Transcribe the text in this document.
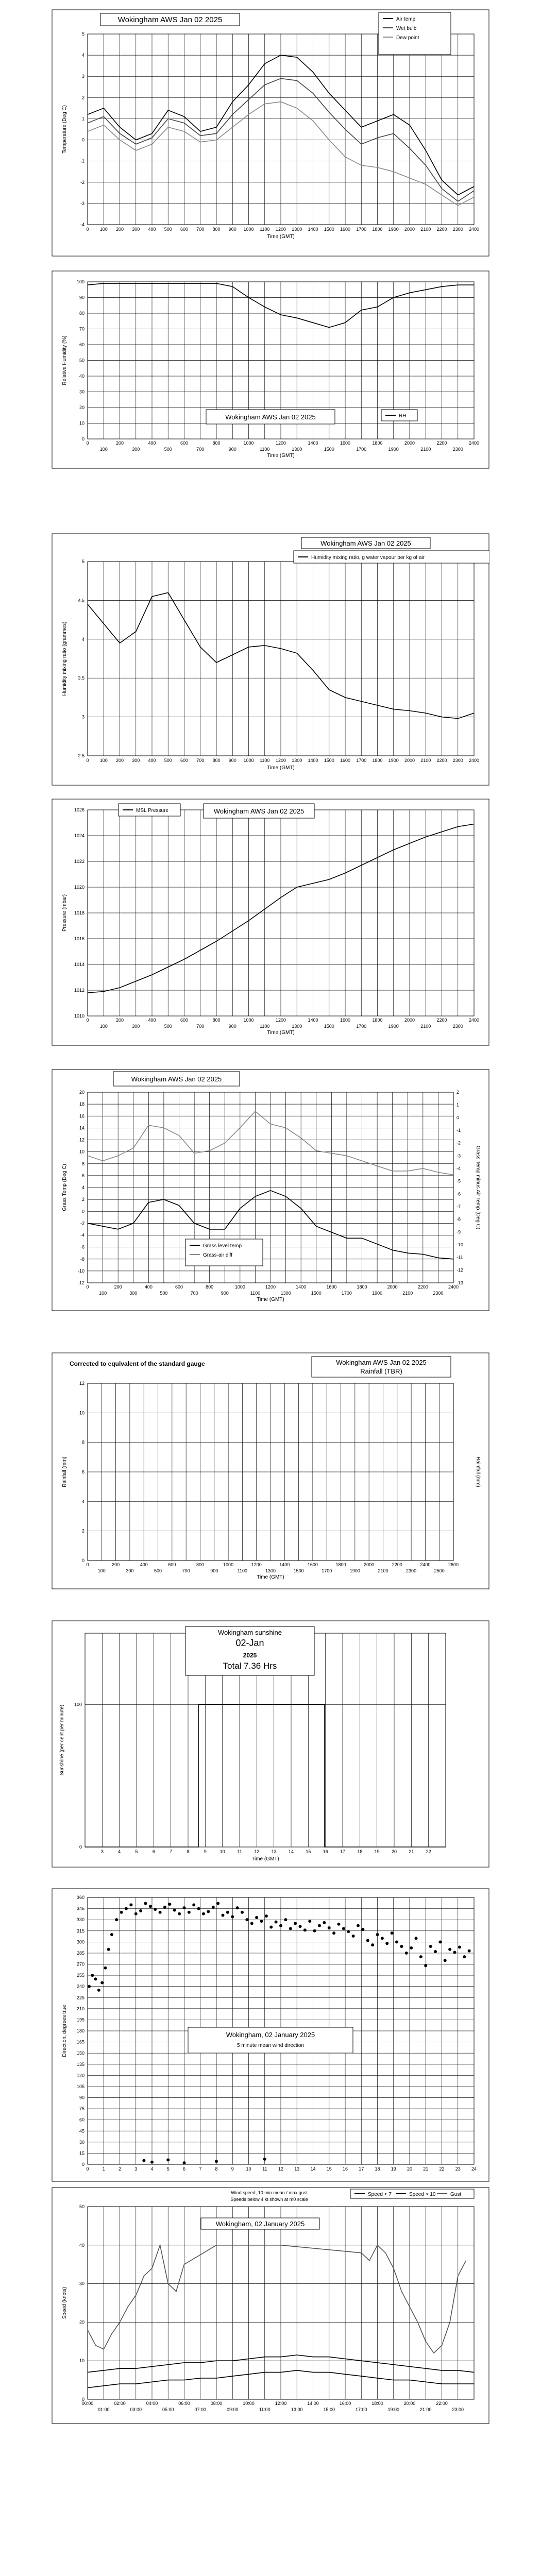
-4
-3
-2
-1
0
1
2
3
4
5
0 100 200 300 400 500 600 700 800 900 1000 1100 1200 1300 1400 1500 1600 1700 1800 1900 2000 2100 2200 2300 2400
Time (GMT)
Temperature (Deg C)
Wokingham AWS Jan 02 2025	Air temp
Wet bulb
Dew point
0
10
20
30
40
50
60
70
80
90
100
0	200	400	600	800	1000	1200	1400	1600	1800	2000	2200	2400
100	300	500	700	900	1100	1300	1500	1700	1900	2100	2300
Time (GMT)
Relative Humidity (%)
Wokingham AWS Jan 02 2025	RH
2.5
3
3.5
4
4.5
5
0 100 200 300 400 500 600 700 800 900 1000 1100 1200 1300 1400 1500 1600 1700 1800 1900 2000 2100 2200 2300 2400
Time (GMT)
Humidity mixing ratio (grammes)
Wokingham AWS Jan 02 2025
Humidity mixing ratio, g water vapour per kg of air
1010
1012
1014
1016
1018
1020
1022
1024
1026
0	200	400	600	800	1000	1200	1400	1600	1800	2000	2200	2400
100	300	500	700	900	1100	1300	1500	1700	1900	2100	2300
Time (GMT)
Pressure (mbar)
Wokingham AWS Jan 02 2025
MSL Pressure
-12
-10
-8
-6
-4
-2
0
2
4
6
8
10
12
14
16
18
20
-13
-12
-11
-10
-9
-8
-7
-6
-5
-4
-3
-2
-1
0
1
2
0	200	400	600	800	1000	1200	1400	1600	1800	2000	2200	2400
100	300	500	700	900	1100	1300	1500	1700	1900	2100	2300
Time (GMT)
Grass Temp (Deg C)	Grass Temp minus Air Temp (Deg C)
Wokingham AWS Jan 02 2025
Grass level temp
Grass-air diff
0
2
4
6
8
10
12
0	200	400	600	800	1000	1200	1400	1600	1800	2000	2200	2400	2600
100	300	500	700	900	1100	1300	1500	1700	1900	2100	2300	2500
Time (GMT)
Rainfall (mm)	Rainfall (mm)
Wokingham AWS Jan 02 2025
Rainfall (TBR)
Corrected to equivalent of the standard gauge
0
100
3	4	5	6	7	8	9	10	11	12	13	14	15	16	17	18	19	20	21	22
Time (GMT)
Sunshine (per cent per minute)
Wokingham sunshine
02-Jan
2025
Total 7.36 Hrs
0
15
30
45
60
75
90
105
120
135
150
165
180
195
210
225
240
255
270
285
300
315
330
345
360
0	1	2	3	4	5	6	7	8	9	10 11 12 13 14 15 16 17 18 19 20 21 22 23 24
Direction, degrees true	Wokingham, 02 January 2025
5 minute mean wind direction
0
10
20
30
40
50
00:00	02:00	04:00	06:00	08:00	10:00	12:00	14:00	16:00	18:00	20:00	22:00
01:00	03:00	05:00	07:00	09:00	11:00	13:00	15:00	17:00	19:00	21:00	23:00
Speed (knots)
Wokingham, 02 January 2025
Wind speed, 10 min mean / max gust
Speeds below 4 kt shown at m0 scale
Speed < 7	Speed > 10	Gust
